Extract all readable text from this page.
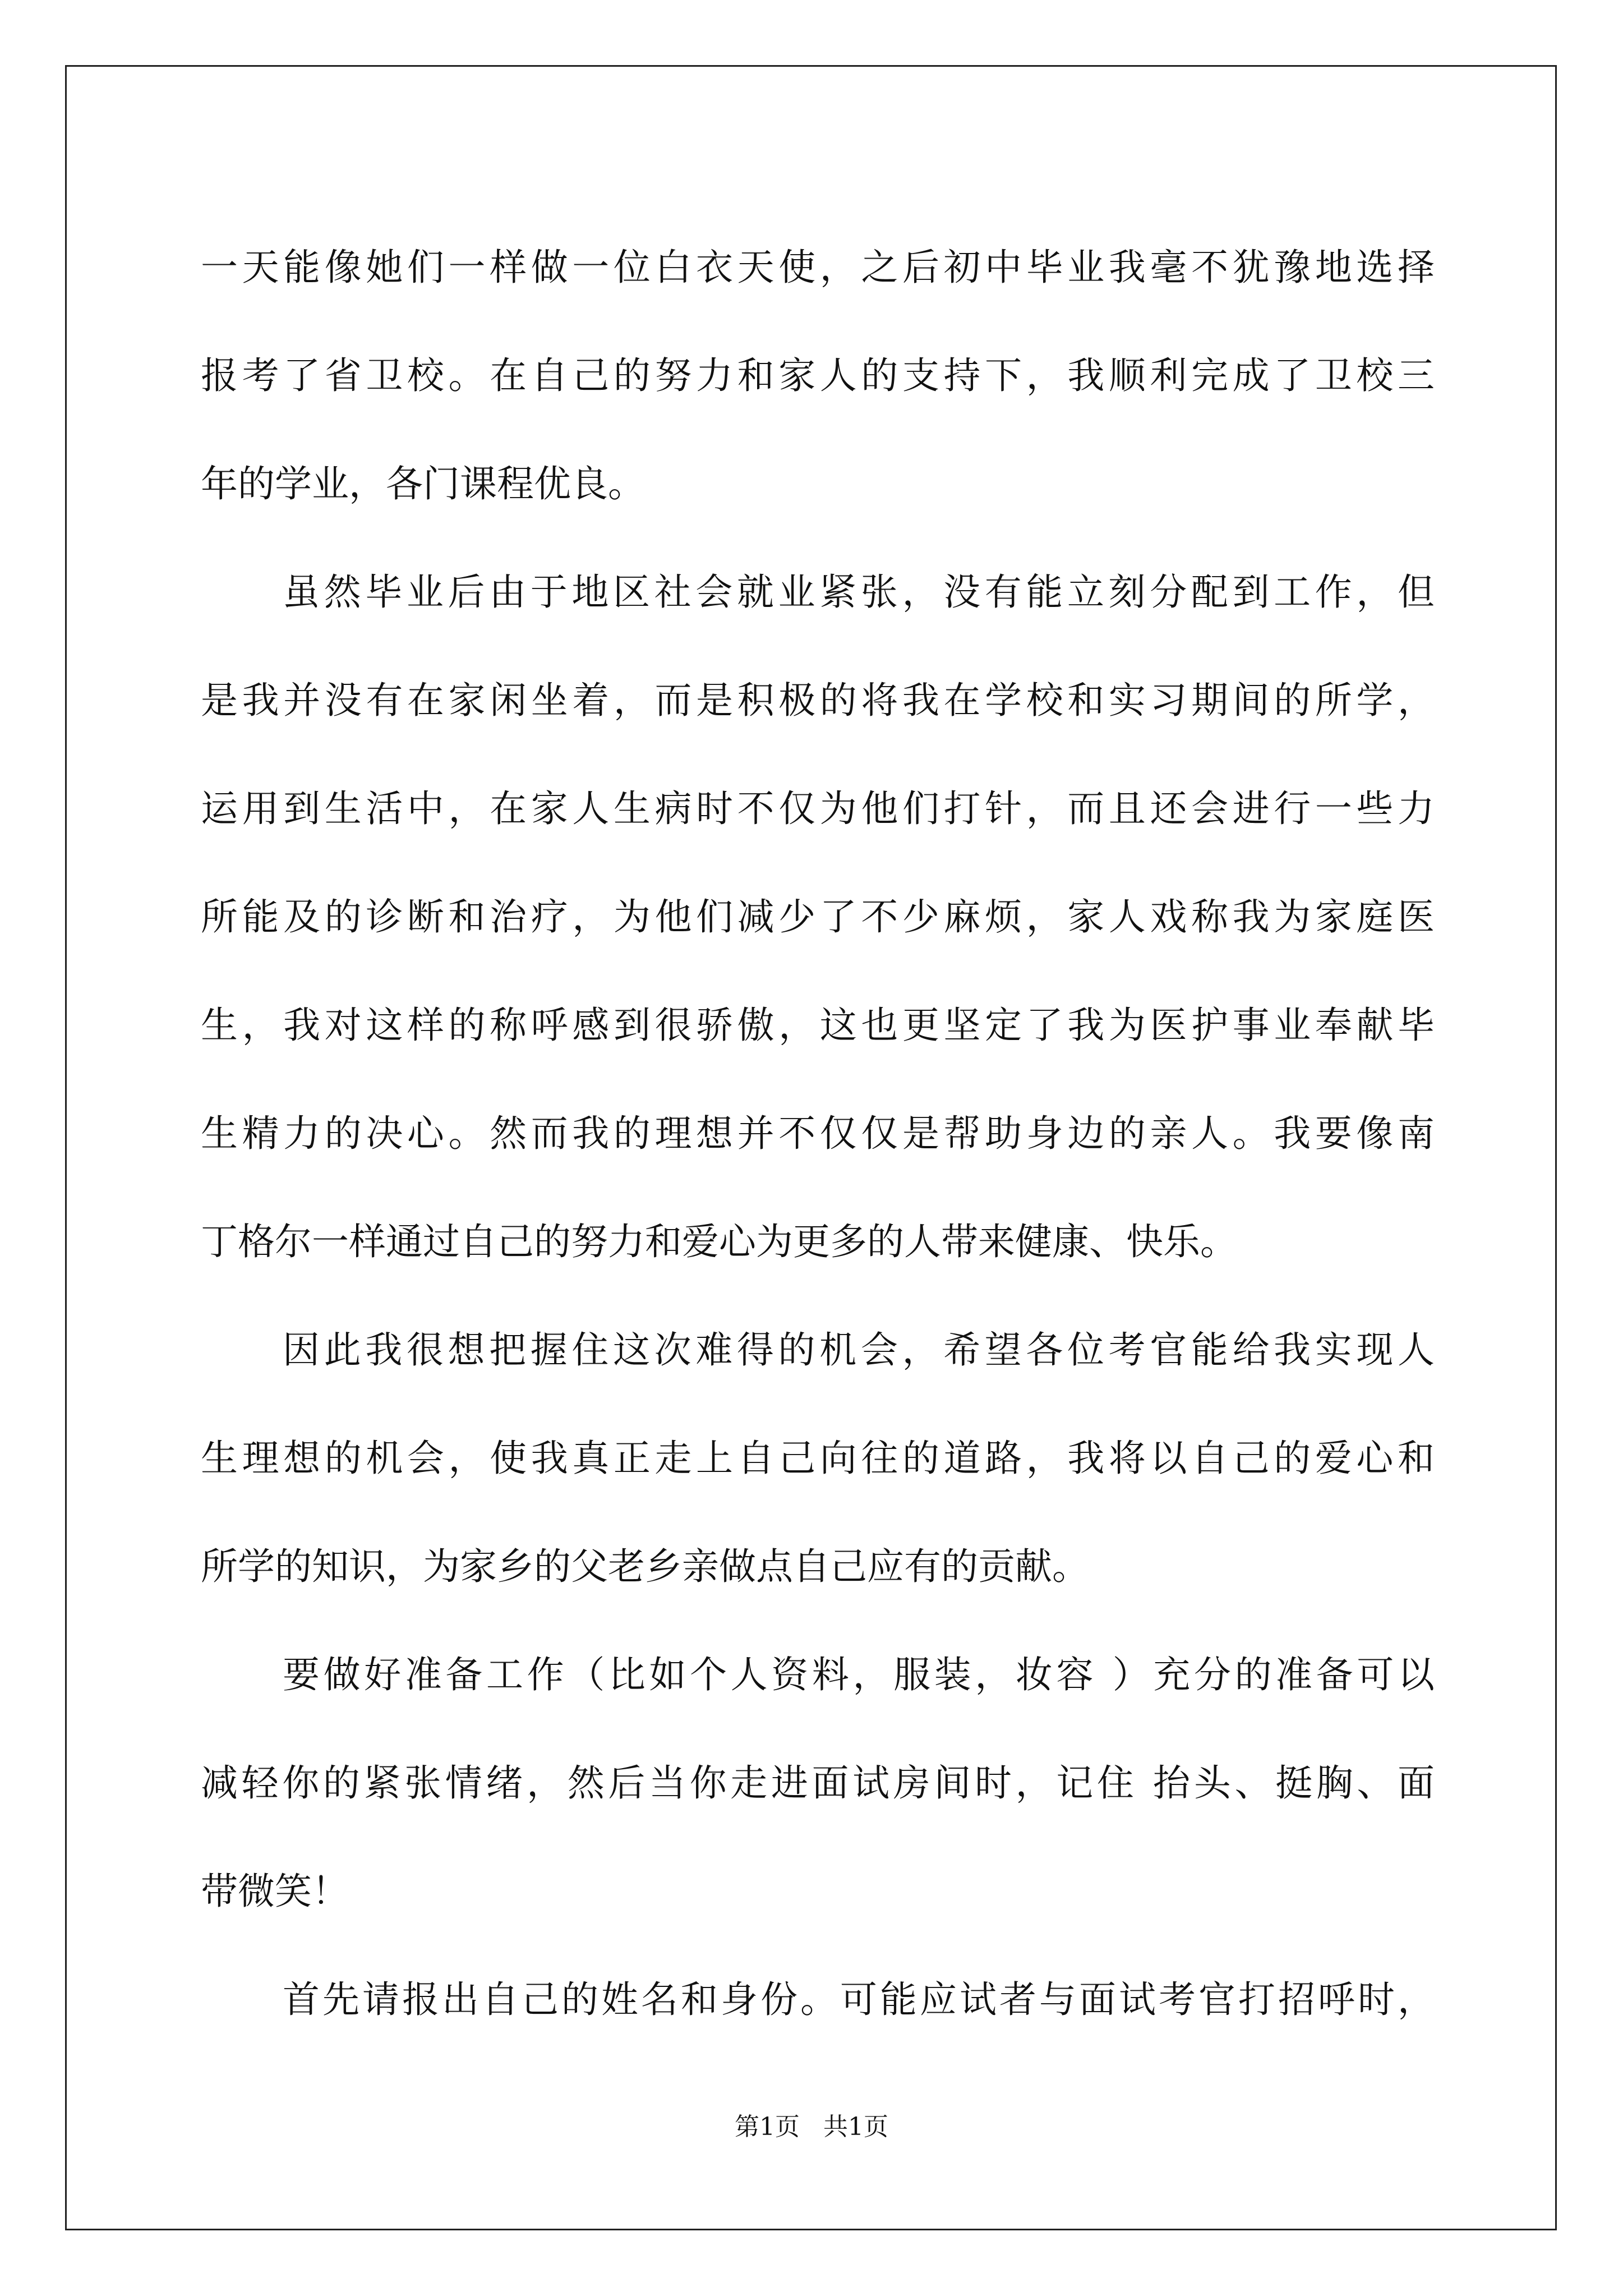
一天能像她们一样做一位白衣天使，之后初中毕业我毫不犹豫地选择
报考了省卫校。在自己的努力和家人的支持下，我顺利完成了卫校三
年的学业，各门课程优良。
虽然毕业后由于地区社会就业紧张，没有能立刻分配到工作，但
是我并没有在家闲坐着，而是积极的将我在学校和实习期间的所学，
运用到生活中，在家人生病时不仅为他们打针，而且还会进行一些力
所能及的诊断和治疗，为他们减少了不少麻烦，家人戏称我为家庭医
生，我对这样的称呼感到很骄傲，这也更坚定了我为医护事业奉献毕
生精力的决心。然而我的理想并不仅仅是帮助身边的亲人。我要像南
丁格尔一样通过自己的努力和爱心为更多的人带来健康、快乐。
因此我很想把握住这次难得的机会，希望各位考官能给我实现人
生理想的机会，使我真正走上自己向往的道路，我将以自己的爱心和
所学的知识，为家乡的父老乡亲做点自己应有的贡献。
要做好准备工作（比如个人资料，服装，妆容 ）充分的准备可以
减轻你的紧张情绪，然后当你走进面试房间时，记住 抬头、挺胸、面
带微笑！
首先请报出自己的姓名和身份。可能应试者与面试考官打招呼时，
第1页 共1页
